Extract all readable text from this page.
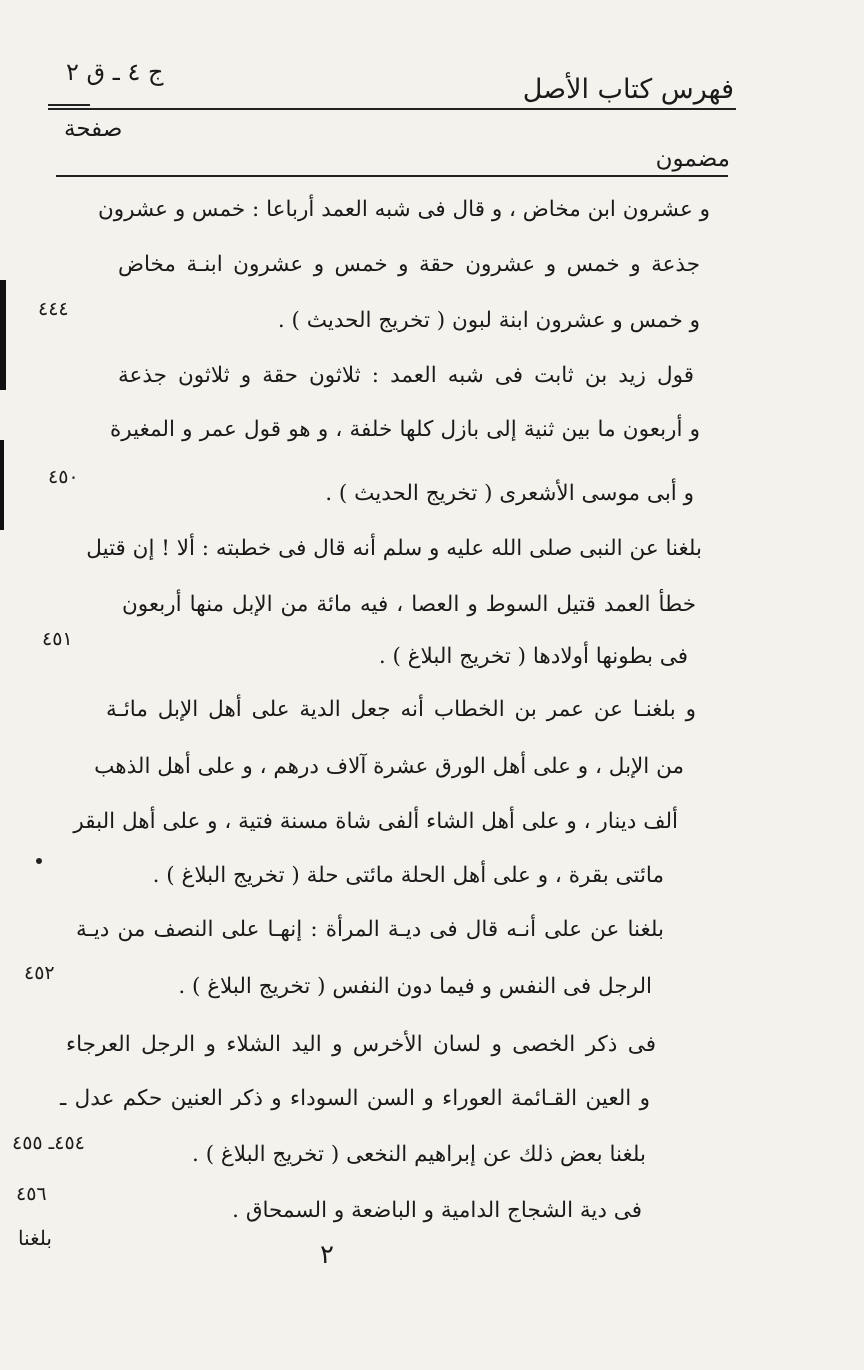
فهرس كتاب الأصل
ج ٤ ـ ق ٢
صفحة
مضمون
و عشرون ابن مخاض ، و قال فى شبه العمد أرباعا : خمس و عشرون
جذعة و خمس و عشرون حقة و خمس و عشرون ابنـة مخاض
و خمس و عشرون ابنة لبون ( تخريج الحديث ) .
قول زيد بن ثابت فى شبه العمد : ثلاثون حقة و ثلاثون جذعة
و أربعون ما بين ثنية إلى بازل كلها خلفة ، و هو قول عمر و المغيرة
و أبى موسى الأشعرى ( تخريج الحديث ) .
بلغنا عن النبى صلى الله عليه و سلم أنه قال فى خطبته : ألا ! إن قتيل
خطأ العمد قتيل السوط و العصا ، فيه مائة من الإبل منها أربعون
فى بطونها أولادها ( تخريج البلاغ ) .
و بلغنـا عن عمر بن الخطاب أنه جعل الدية على أهل الإبل مائـة
من الإبل ، و على أهل الورق عشرة آلاف درهم ، و على أهل الذهب
ألف دينار ، و على أهل الشاء ألفى شاة مسنة فتية ، و على أهل البقر
مائتى بقرة ، و على أهل الحلة مائتى حلة ( تخريج البلاغ ) .
بلغنا عن على أنـه قال فى ديـة المرأة : إنهـا على النصف من ديـة
الرجل فى النفس و فيما دون النفس ( تخريج البلاغ ) .
فى ذكر الخصى و لسان الأخرس و اليد الشلاء و الرجل العرجاء
و العين القـائمة العوراء و السن السوداء و ذكر العنين حكم عدل ـ
بلغنا بعض ذلك عن إبراهيم النخعى ( تخريج البلاغ ) .
فى دية الشجاج الدامية و الباضعة و السمحاق .
٤٤٤
٤٥٠
٤٥١
٤٥٢
٤٥٤ـ ٤٥٥
٤٥٦
٢
بلغنا
